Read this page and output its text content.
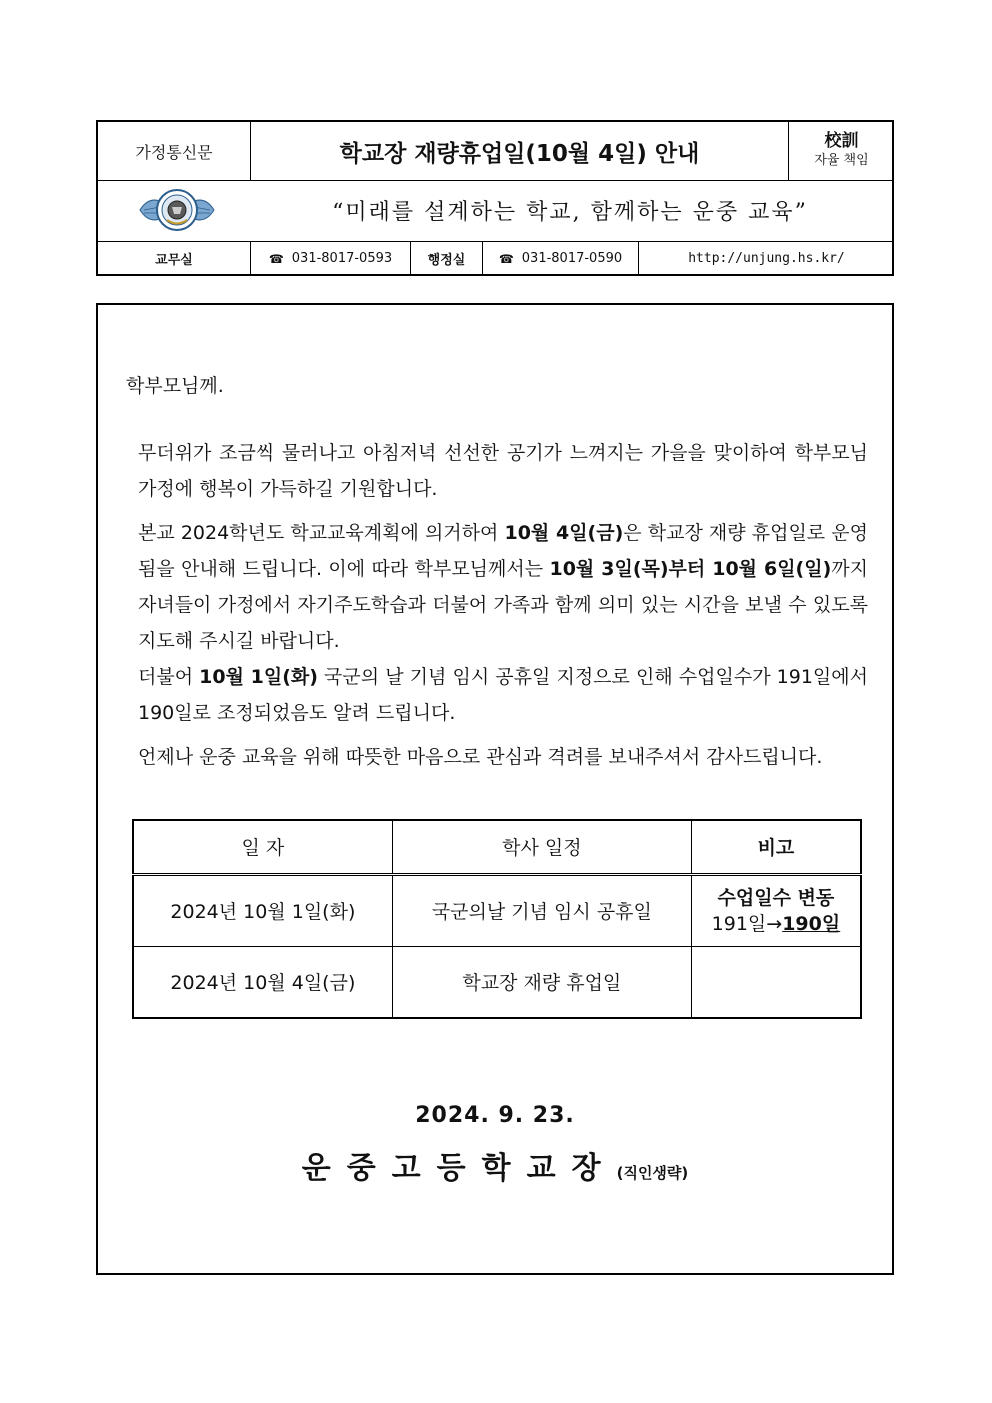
가정통신문	학교장 재량휴업일(10월 4일) 안내	校訓
자율 책임
“미래를 설계하는 학교, 함께하는 운중 교육”
교무실	☎ 031-8017-0593	행정실	☎ 031-8017-0590	http://unjung.hs.kr/
학부모님께.
무더위가 조금씩 물러나고 아침저녁 선선한 공기가 느껴지는 가을을 맞이하여 학부모님 가정에 행복이 가득하길 기원합니다.
본교 2024학년도 학교교육계획에 의거하여 10월 4일(금)은 학교장 재량 휴업일로 운영됨을 안내해 드립니다. 이에 따라 학부모님께서는 10월 3일(목)부터 10월 6일(일)까지 자녀들이 가정에서 자기주도학습과 더불어 가족과 함께 의미 있는 시간을 보낼 수 있도록 지도해 주시길 바랍니다.
더불어 10월 1일(화) 국군의 날 기념 임시 공휴일 지정으로 인해 수업일수가 191일에서 190일로 조정되었음도 알려 드립니다.
언제나 운중 교육을 위해 따뜻한 마음으로 관심과 격려를 보내주셔서 감사드립니다.
일 자	학사 일정	비고
2024년 10월 1일(화)	국군의날 기념 임시 공휴일	수업일수 변동
191일→190일

2024년 10월 4일(금)	학교장 재량 휴업일	
2024. 9. 23.
운중고등학교장(직인생략)
